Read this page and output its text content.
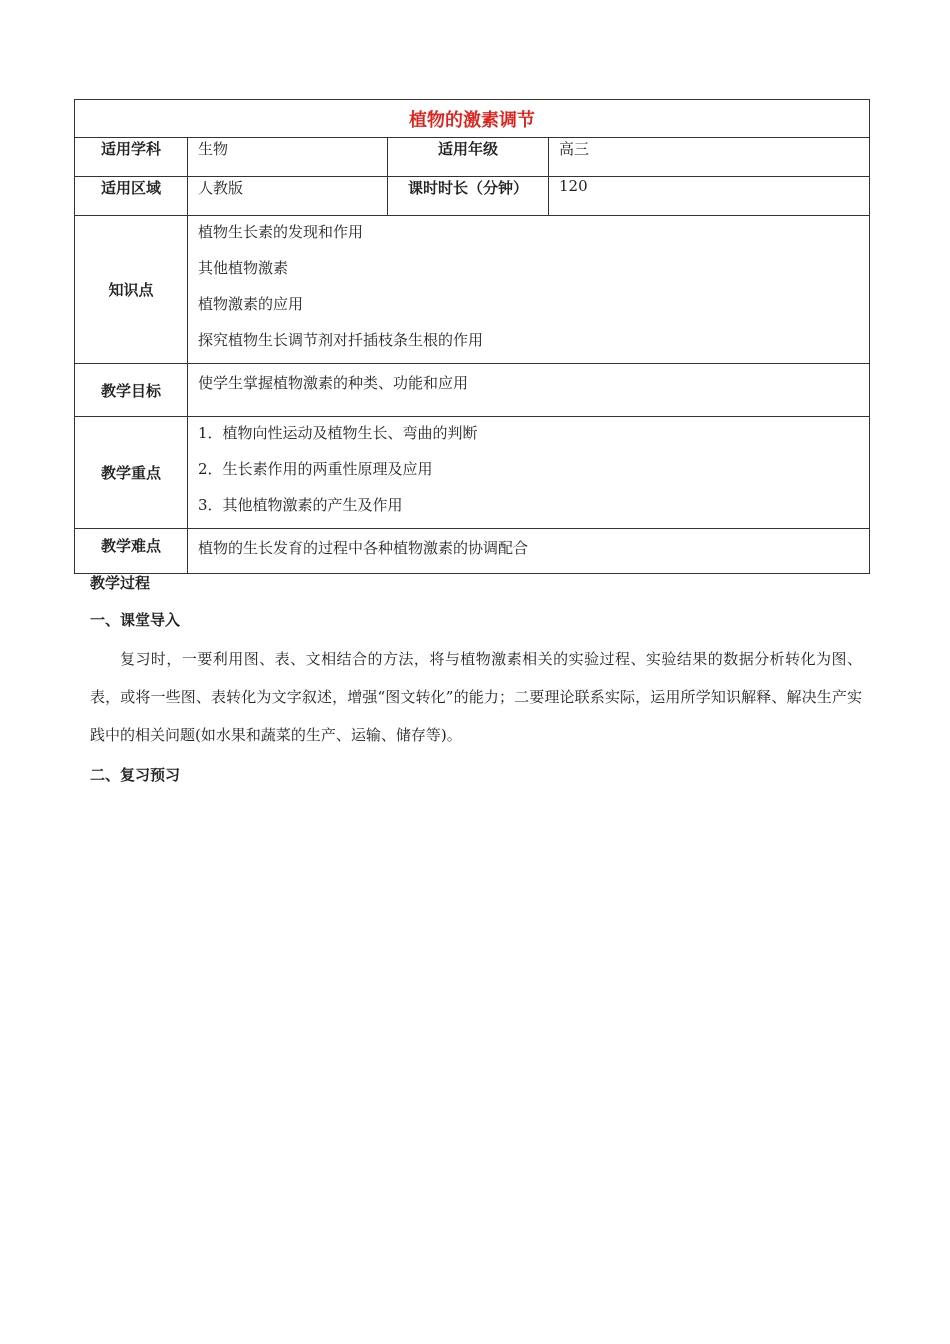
植物的激素调节			
适用学科	生物	适用年级	高三
适用区域	人教版	课时时长（分钟）	120
知识点	植物生长素的发现和作用
其他植物激素
植物激素的应用
探究植物生长调节剂对扦插枝条生根的作用		

教学目标	使学生掌握植物激素的种类、功能和应用		
教学重点	1．植物向性运动及植物生长、弯曲的判断
2．生长素作用的两重性原理及应用
3．其他植物激素的产生及作用		

教学难点	植物的生长发育的过程中各种植物激素的协调配合		
教学过程
一、课堂导入
复习时，一要利用图、表、文相结合的方法，将与植物激素相关的实验过程、实验结果的数据分析转化为图、表，或将一些图、表转化为文字叙述，增强“图文转化”的能力；二要理论联系实际，运用所学知识解释、解决生产实践中的相关问题(如水果和蔬菜的生产、运输、储存等)。
二、复习预习
